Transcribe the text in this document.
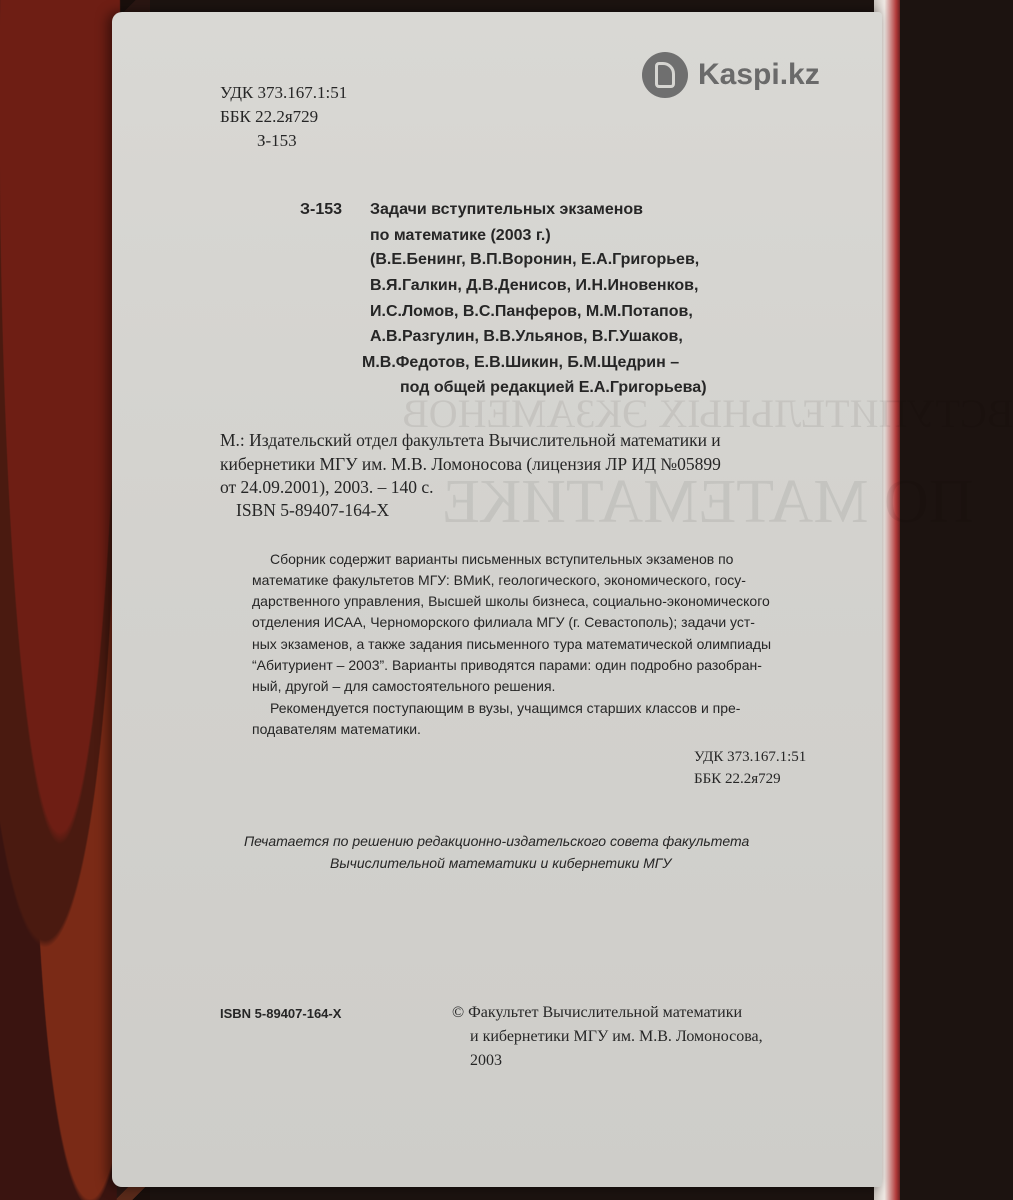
ВСТУПИТЕЛЬНЫХ ЭКЗАМЕНОВ
ПО МАТЕМАТИКЕ
Kaspi.kz
УДК 373.167.1:51
ББК 22.2я729
З-153
З-153 Задачи вступительных экзаменов
по математике (2003 г.)
(В.Е.Бенинг, В.П.Воронин, Е.А.Григорьев,
В.Я.Галкин, Д.В.Денисов, И.Н.Иновенков,
И.С.Ломов, В.С.Панферов, М.М.Потапов,
А.В.Разгулин, В.В.Ульянов, В.Г.Ушаков,
М.В.Федотов, Е.В.Шикин, Б.М.Щедрин –
под общей редакцией Е.А.Григорьева)
М.: Издательский отдел факультета Вычислительной математики и
кибернетики МГУ им. М.В. Ломоносова (лицензия ЛР ИД №05899
от 24.09.2001), 2003. – 140 с.
ISBN 5-89407-164-Х
Сборник содержит варианты письменных вступительных экзаменов по
математике факультетов МГУ: ВМиК, геологического, экономического, госу-
дарственного управления, Высшей школы бизнеса, социально-экономического
отделения ИСАА, Черноморского филиала МГУ (г. Севастополь); задачи уст-
ных экзаменов, а также задания письменного тура математической олимпиады
“Абитуриент – 2003”. Варианты приводятся парами: один подробно разобран-
ный, другой – для самостоятельного решения.
Рекомендуется поступающим в вузы, учащимся старших классов и пре-
подавателям математики.
УДК 373.167.1:51
ББК 22.2я729
Печатается по решению редакционно-издательского совета факультета
Вычислительной математики и кибернетики МГУ
ISBN 5-89407-164-Х	© Факультет Вычислительной математики
и кибернетики МГУ им. М.В. Ломоносова,
2003
